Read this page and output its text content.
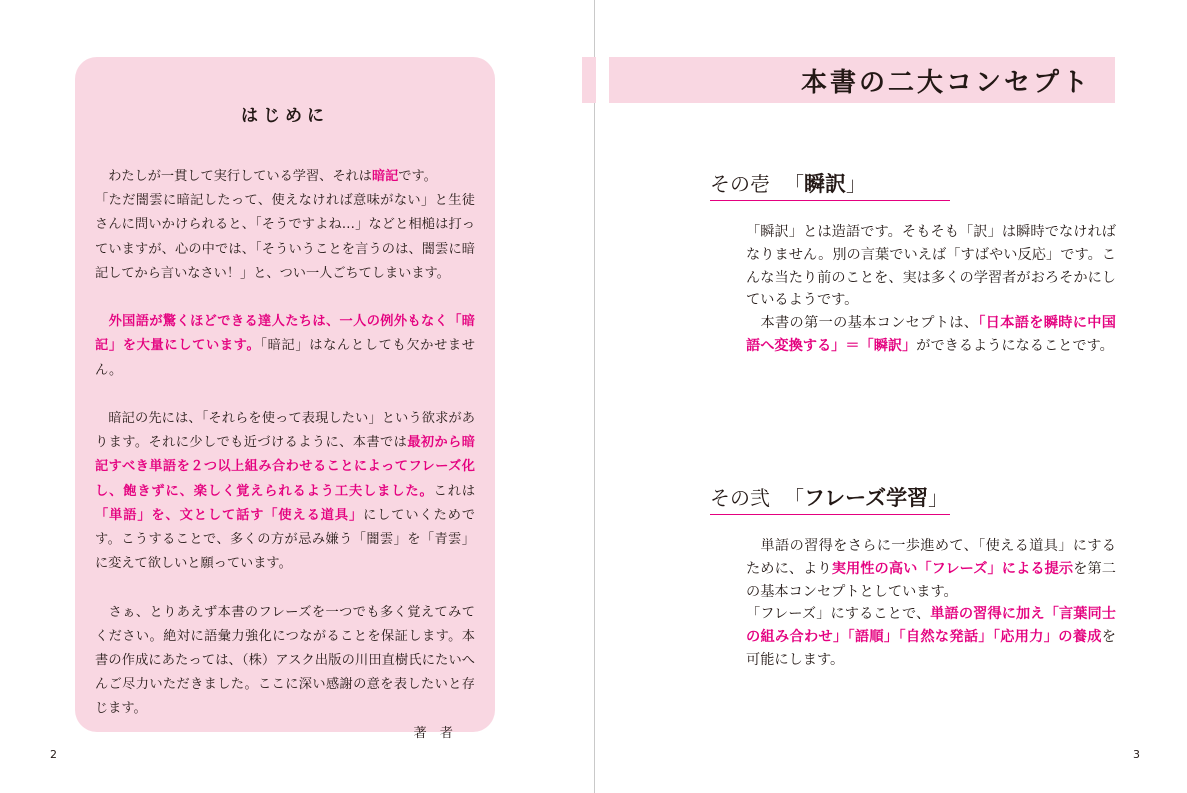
はじめに

わたしが一貫して実行している学習、それは暗記です。
「ただ闇雲に暗記したって、使えなければ意味がない」と生徒さんに問いかけられると、「そうですよね…」などと相槌は打っていますが、心の中では、「そういうことを言うのは、闇雲に暗記してから言いなさい！」と、つい一人ごちてしまいます。

外国語が驚くほどできる達人たちは、一人の例外もなく「暗記」を大量にしています。「暗記」はなんとしても欠かせません。

暗記の先には、「それらを使って表現したい」という欲求があります。それに少しでも近づけるように、本書では最初から暗記すべき単語を２つ以上組み合わせることによってフレーズ化し、飽きずに、楽しく覚えられるよう工夫しました。これは「単語」を、文として話す「使える道具」にしていくためです。こうすることで、多くの方が忌み嫌う「闇雲」を「青雲」に変えて欲しいと願っています。

さぁ、とりあえず本書のフレーズを一つでも多く覚えてみてください。絶対に語彙力強化につながることを保証します。本書の作成にあたっては、（株）アスク出版の川田直樹氏にたいへんご尽力いただきました。ここに深い感謝の意を表したいと存じます。

著　者

2
本書の二大コンセプト
その壱 「瞬訳」

「瞬訳」とは造語です。そもそも「訳」は瞬時でなければなりません。別の言葉でいえば「すばやい反応」です。こんな当たり前のことを、実は多くの学習者がおろそかにしているようです。

本書の第一の基本コンセプトは、「日本語を瞬時に中国語へ変換する」＝「瞬訳」ができるようになることです。

その弐 「フレーズ学習」

単語の習得をさらに一歩進めて、「使える道具」にするために、より実用性の高い「フレーズ」による提示を第二の基本コンセプトとしています。

「フレーズ」にすることで、単語の習得に加え「言葉同士の組み合わせ」「語順」「自然な発話」「応用力」の養成を可能にします。

3
